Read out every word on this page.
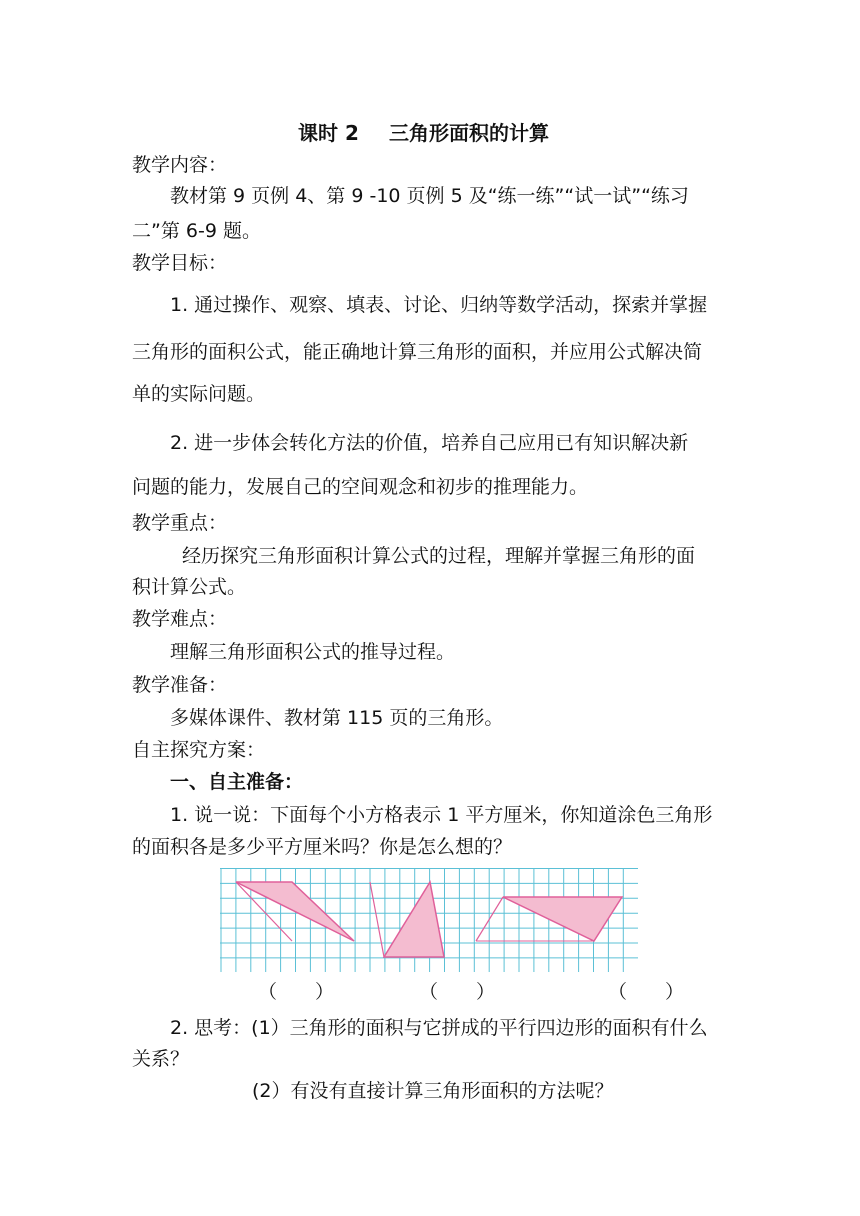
课时 2 三角形面积的计算
教学内容：
教材第 9 页例 4、第 9 -10 页例 5 及“练一练”“试一试”“练习
二”第 6-9 题。
教学目标：
1. 通过操作、观察、填表、讨论、归纳等数学活动，探索并掌握
三角形的面积公式，能正确地计算三角形的面积，并应用公式解决简
单的实际问题。
2. 进一步体会转化方法的价值，培养自己应用已有知识解决新
问题的能力，发展自己的空间观念和初步的推理能力。
教学重点：
经历探究三角形面积计算公式的过程，理解并掌握三角形的面
积计算公式。
教学难点：
理解三角形面积公式的推导过程。
教学准备：
多媒体课件、教材第 115 页的三角形。
自主探究方案：
一、自主准备：
1. 说一说：下面每个小方格表示 1 平方厘米，你知道涂色三角形
的面积各是多少平方厘米吗？你是怎么想的？
（　　）	（　　）	（　　）
2. 思考：(1）三角形的面积与它拼成的平行四边形的面积有什么
关系？
(2）有没有直接计算三角形面积的方法呢？
